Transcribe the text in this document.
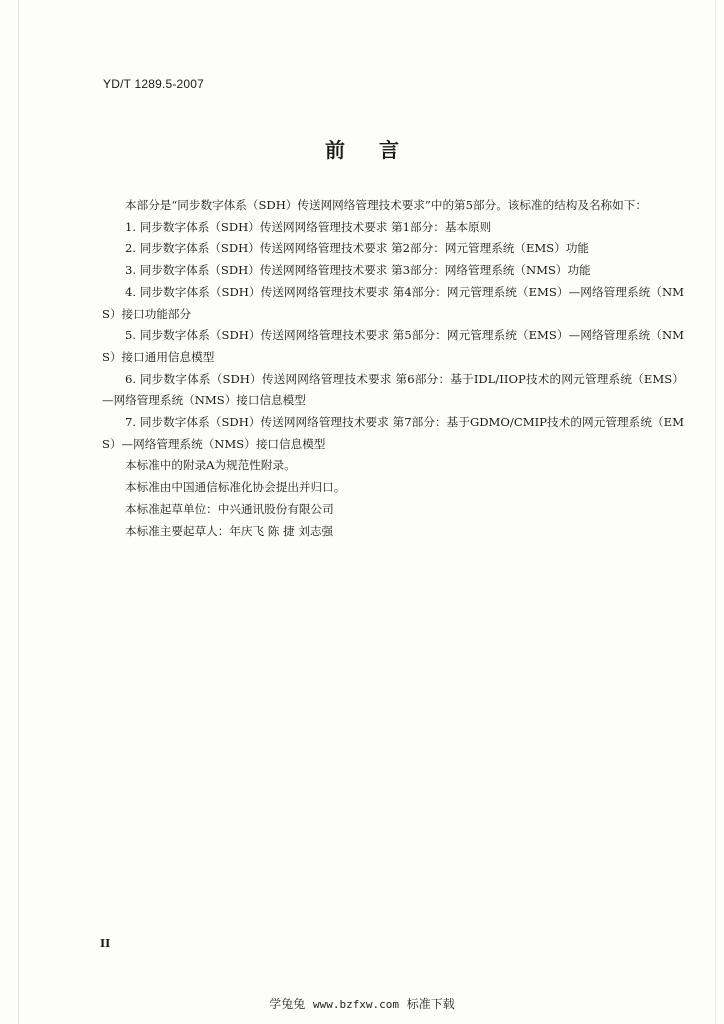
YD/T 1289.5-2007
前言

本部分是“同步数字体系（SDH）传送网网络管理技术要求”中的第5部分。该标准的结构及名称如下：

1. 同步数字体系（SDH）传送网网络管理技术要求 第1部分：基本原则

2. 同步数字体系（SDH）传送网网络管理技术要求 第2部分：网元管理系统（EMS）功能

3. 同步数字体系（SDH）传送网网络管理技术要求 第3部分：网络管理系统（NMS）功能

4. 同步数字体系（SDH）传送网网络管理技术要求 第4部分：网元管理系统（EMS）—网络管理系统（NMS）接口功能部分

5. 同步数字体系（SDH）传送网网络管理技术要求 第5部分：网元管理系统（EMS）—网络管理系统（NMS）接口通用信息模型

6. 同步数字体系（SDH）传送网网络管理技术要求 第6部分：基于IDL/IIOP技术的网元管理系统（EMS）—网络管理系统（NMS）接口信息模型

7. 同步数字体系（SDH）传送网网络管理技术要求 第7部分：基于GDMO/CMIP技术的网元管理系统（EMS）—网络管理系统（NMS）接口信息模型

本标准中的附录A为规范性附录。

本标准由中国通信标准化协会提出并归口。

本标准起草单位：中兴通讯股份有限公司

本标准主要起草人：年庆飞 陈 捷 刘志强

II
学兔兔 www.bzfxw.com 标准下载
